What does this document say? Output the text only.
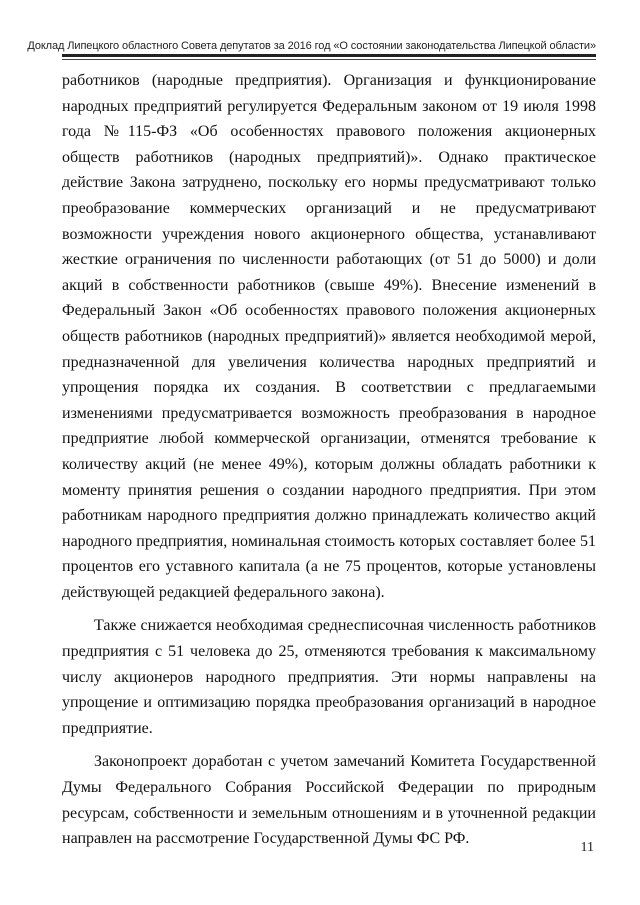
Доклад Липецкого областного Совета депутатов за 2016 год «О состоянии законодательства Липецкой области»

работников (народные предприятия). Организация и функционирование народных предприятий регулируется Федеральным законом от 19 июля 1998 года №115-ФЗ «Об особенностях правового положения акционерных обществ работников (народных предприятий)». Однако практическое действие Закона затруднено, поскольку его нормы предусматривают только преобразование коммерческих организаций и не предусматривают возможности учреждения нового акционерного общества, устанавливают жесткие ограничения по численности работающих (от 51 до 5000) и доли акций в собственности работников (свыше 49%). Внесение изменений в Федеральный Закон «Об особенностях правового положения акционерных обществ работников (народных предприятий)» является необходимой мерой, предназначенной для увеличения количества народных предприятий и упрощения порядка их создания. В соответствии с предлагаемыми изменениями предусматривается возможность преобразования в народное предприятие любой коммерческой организации, отменятся требование к количеству акций (не менее 49%), которым должны обладать работники к моменту принятия решения о создании народного предприятия. При этом работникам народного предприятия должно принадлежать количество акций народного предприятия, номинальная стоимость которых составляет более 51 процентов его уставного капитала (а не 75 процентов, которые установлены действующей редакцией федерального закона).

Также снижается необходимая среднесписочная численность работников предприятия с 51 человека до 25, отменяются требования к максимальному числу акционеров народного предприятия. Эти нормы направлены на упрощение и оптимизацию порядка преобразования организаций в народное предприятие.

Законопроект доработан с учетом замечаний Комитета Государственной Думы Федерального Собрания Российской Федерации по природным ресурсам, собственности и земельным отношениям и в уточненной редакции направлен на рассмотрение Государственной Думы ФС РФ.

11
